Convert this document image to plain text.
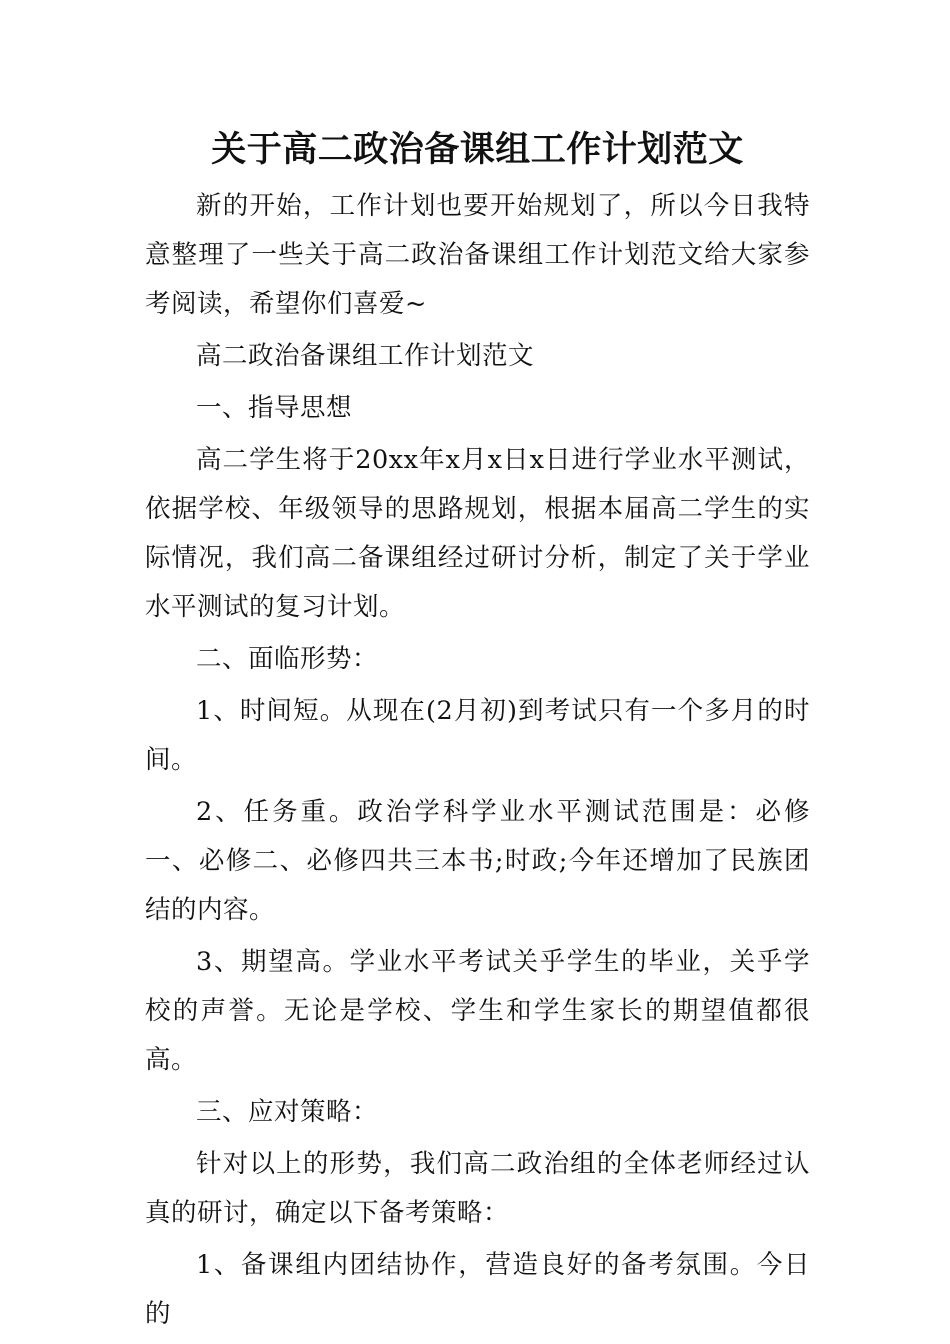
关于高二政治备课组工作计划范文

新的开始，工作计划也要开始规划了，所以今日我特意整理了一些关于高二政治备课组工作计划范文给大家参考阅读，希望你们喜爱~

高二政治备课组工作计划范文

一、指导思想

高二学生将于20xx年x月x日x日进行学业水平测试，依据学校、年级领导的思路规划，根据本届高二学生的实际情况，我们高二备课组经过研讨分析，制定了关于学业水平测试的复习计划。

二、面临形势：

1、时间短。从现在(2月初)到考试只有一个多月的时间。

2、任务重。政治学科学业水平测试范围是：必修一、必修二、必修四共三本书;时政;今年还增加了民族团结的内容。

3、期望高。学业水平考试关乎学生的毕业，关乎学校的声誉。无论是学校、学生和学生家长的期望值都很高。

三、应对策略：

针对以上的形势，我们高二政治组的全体老师经过认真的研讨，确定以下备考策略：

1、备课组内团结协作，营造良好的备考氛围。今日的
